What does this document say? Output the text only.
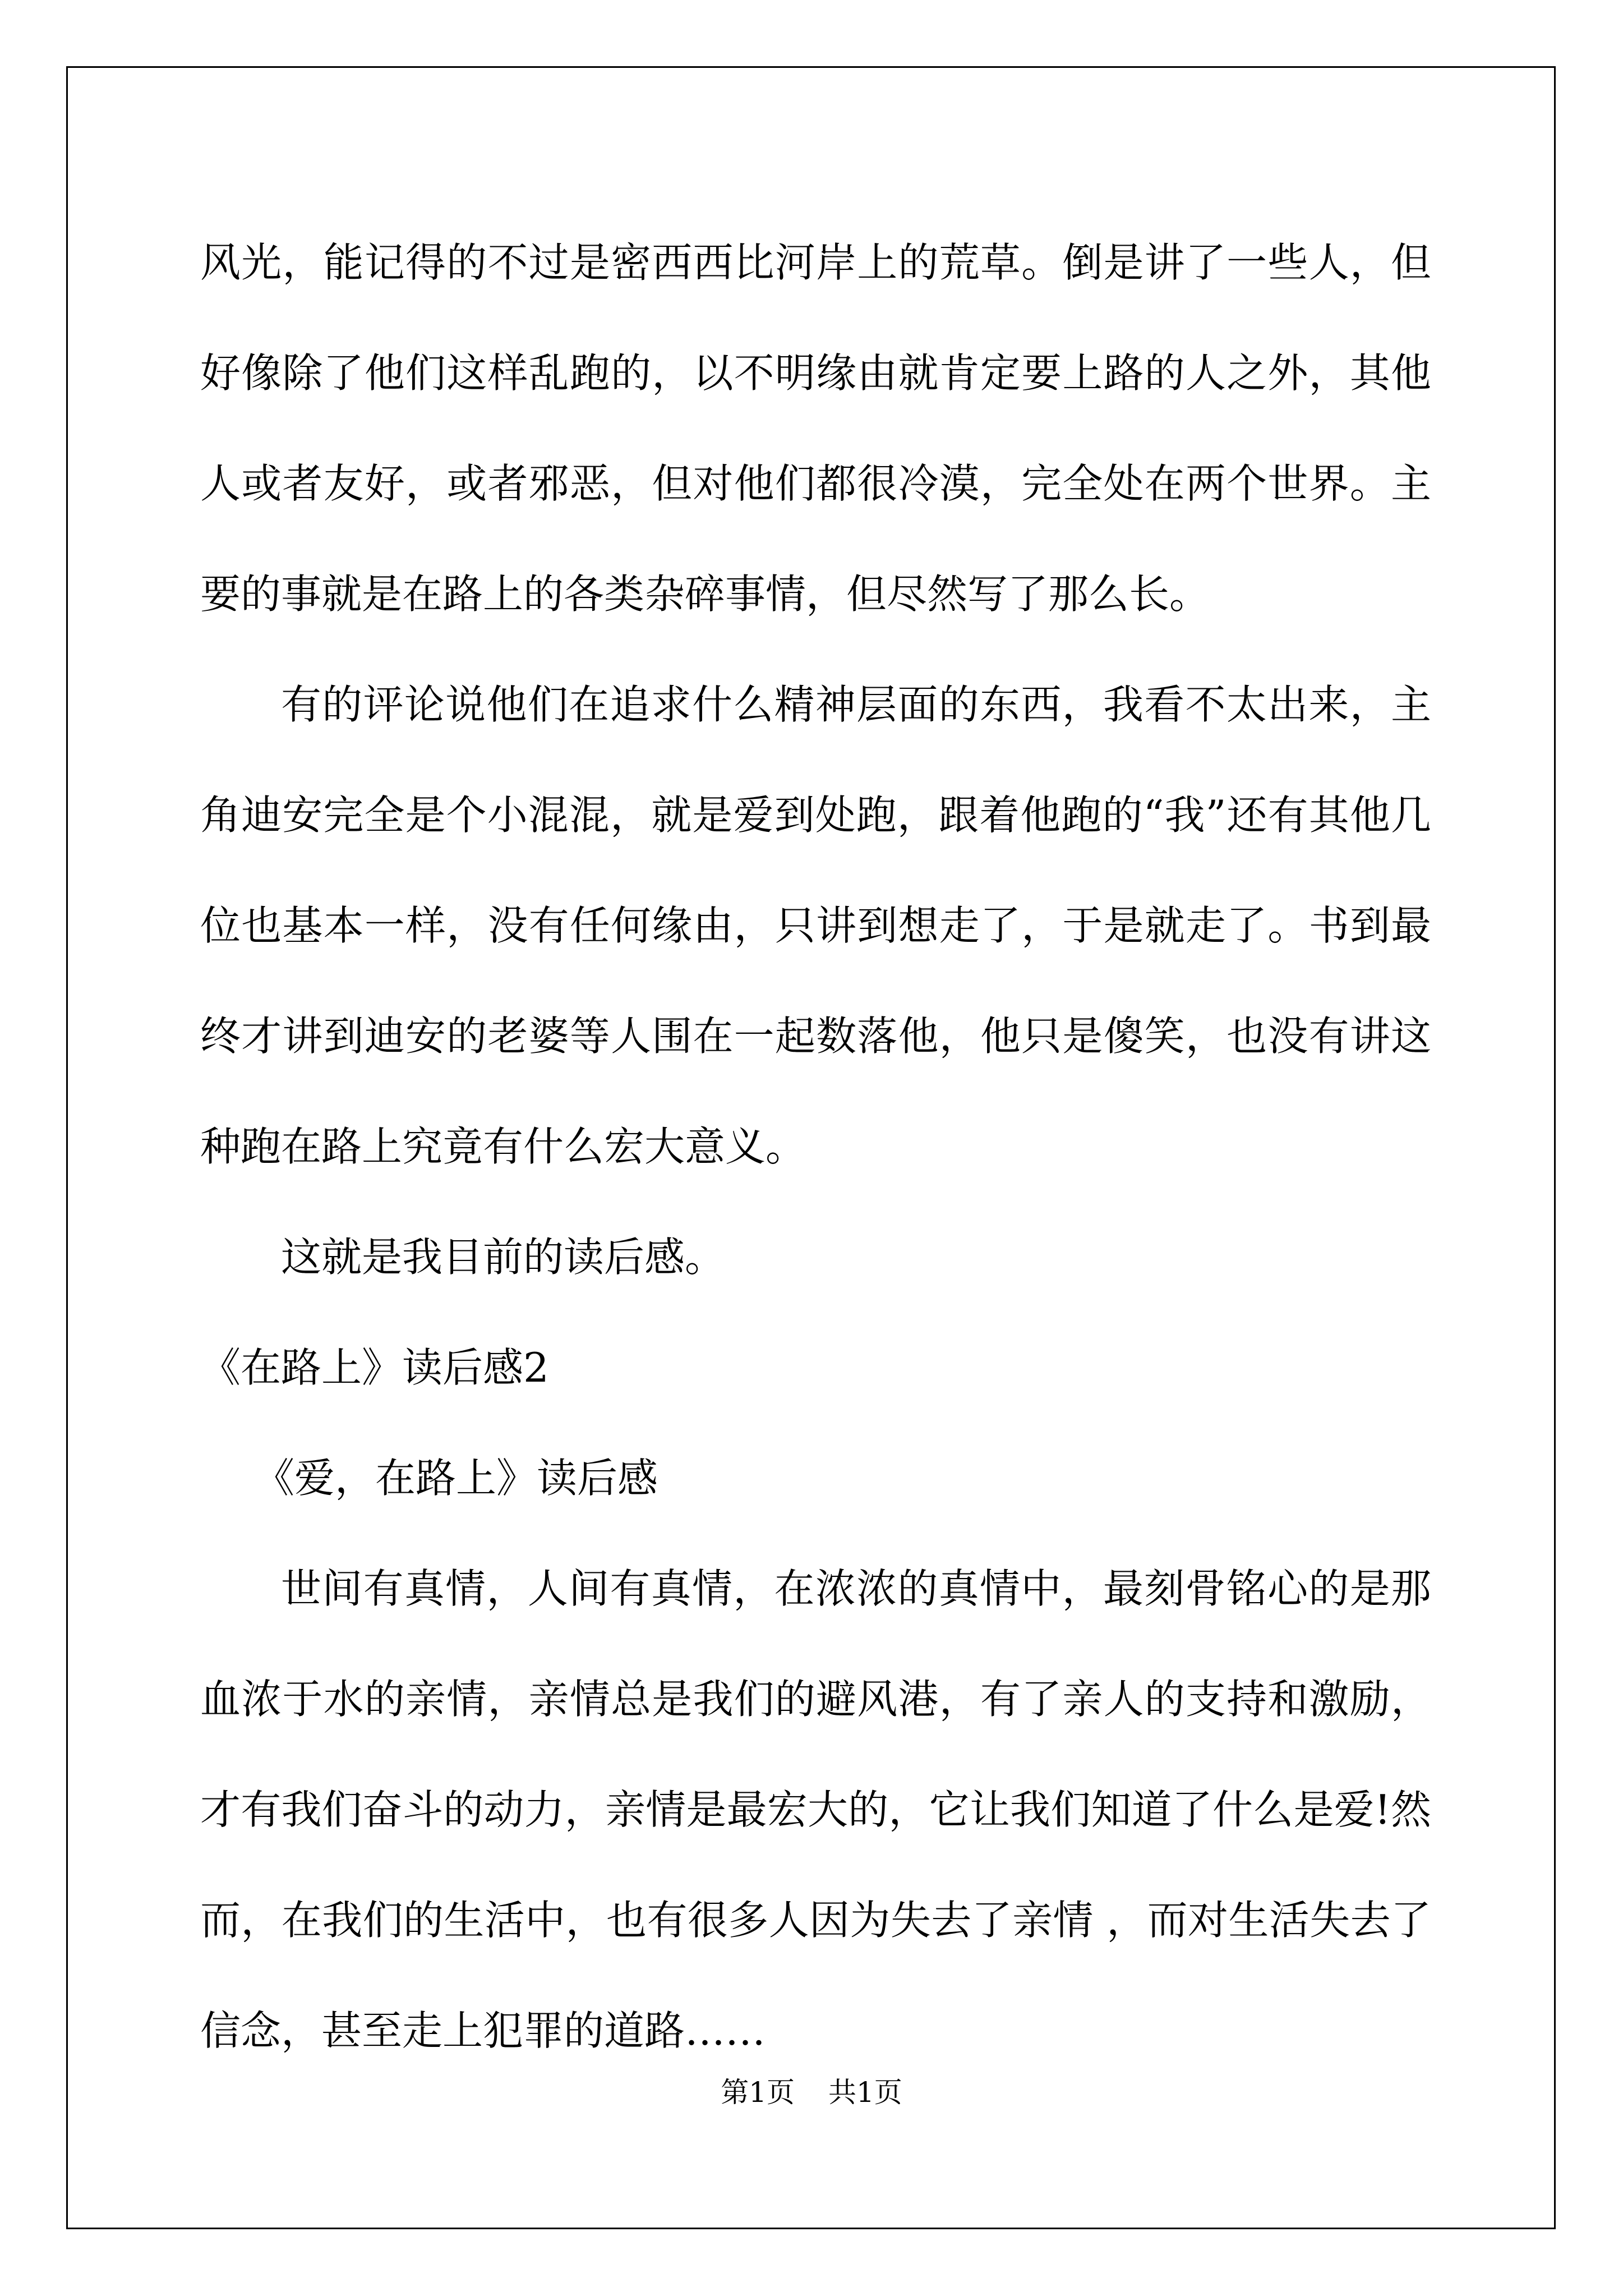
风光，能记得的不过是密西西比河岸上的荒草。倒是讲了一些人，但好像除了他们这样乱跑的，以不明缘由就肯定要上路的人之外，其他人或者友好，或者邪恶，但对他们都很冷漠，完全处在两个世界。主要的事就是在路上的各类杂碎事情，但尽然写了那么长。

有的评论说他们在追求什么精神层面的东西，我看不太出来，主角迪安完全是个小混混，就是爱到处跑，跟着他跑的“我”还有其他几位也基本一样，没有任何缘由，只讲到想走了，于是就走了。书到最终才讲到迪安的老婆等人围在一起数落他，他只是傻笑，也没有讲这种跑在路上究竟有什么宏大意义。

这就是我目前的读后感。

《在路上》读后感2

《爱，在路上》读后感

世间有真情，人间有真情，在浓浓的真情中，最刻骨铭心的是那血浓于水的亲情，亲情总是我们的避风港，有了亲人的支持和激励，才有我们奋斗的动力，亲情是最宏大的，它让我们知道了什么是爱!然而，在我们的生活中，也有很多人因为失去了亲情 ，而对生活失去了信念，甚至走上犯罪的道路……

第1页 共1页
